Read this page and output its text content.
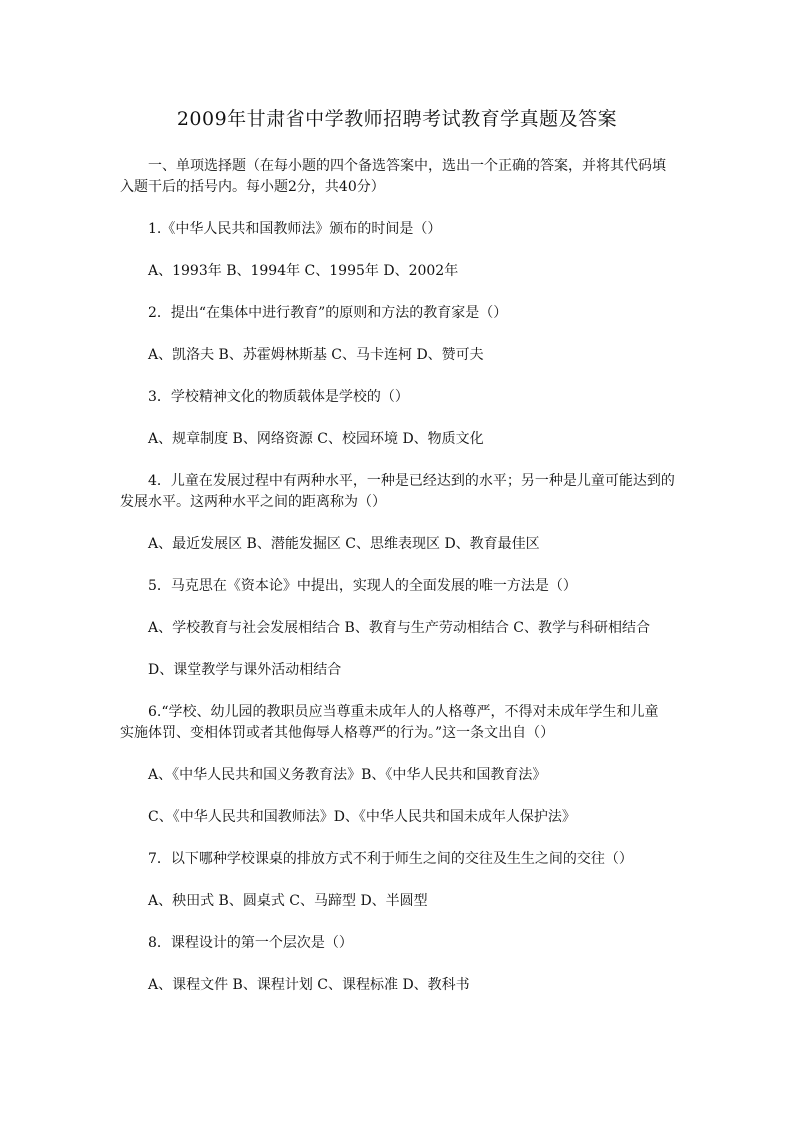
2009年甘肃省中学教师招聘考试教育学真题及答案

一、单项选择题（在每小题的四个备选答案中，选出一个正确的答案，并将其代码填

入题干后的括号内。每小题2分，共40分）

1.《中华人民共和国教师法》颁布的时间是（）

A、1993年 B、1994年 C、1995年 D、2002年

2．提出“在集体中进行教育”的原则和方法的教育家是（）

A、凯洛夫 B、苏霍姆林斯基 C、马卡连柯 D、赞可夫

3．学校精神文化的物质载体是学校的（）

A、规章制度 B、网络资源 C、校园环境 D、物质文化

4．儿童在发展过程中有两种水平，一种是已经达到的水平；另一种是儿童可能达到的

发展水平。这两种水平之间的距离称为（）

A、最近发展区 B、潜能发掘区 C、思维表现区 D、教育最佳区

5．马克思在《资本论》中提出，实现人的全面发展的唯一方法是（）

A、学校教育与社会发展相结合 B、教育与生产劳动相结合 C、教学与科研相结合

D、课堂教学与课外活动相结合

6.“学校、幼儿园的教职员应当尊重未成年人的人格尊严，不得对未成年学生和儿童

实施体罚、变相体罚或者其他侮辱人格尊严的行为。”这一条文出自（）

A、《中华人民共和国义务教育法》B、《中华人民共和国教育法》

C、《中华人民共和国教师法》D、《中华人民共和国未成年人保护法》

7．以下哪种学校课桌的排放方式不利于师生之间的交往及生生之间的交往（）

A、秧田式 B、圆桌式 C、马蹄型 D、半圆型

8．课程设计的第一个层次是（）

A、课程文件 B、课程计划 C、课程标准 D、教科书
